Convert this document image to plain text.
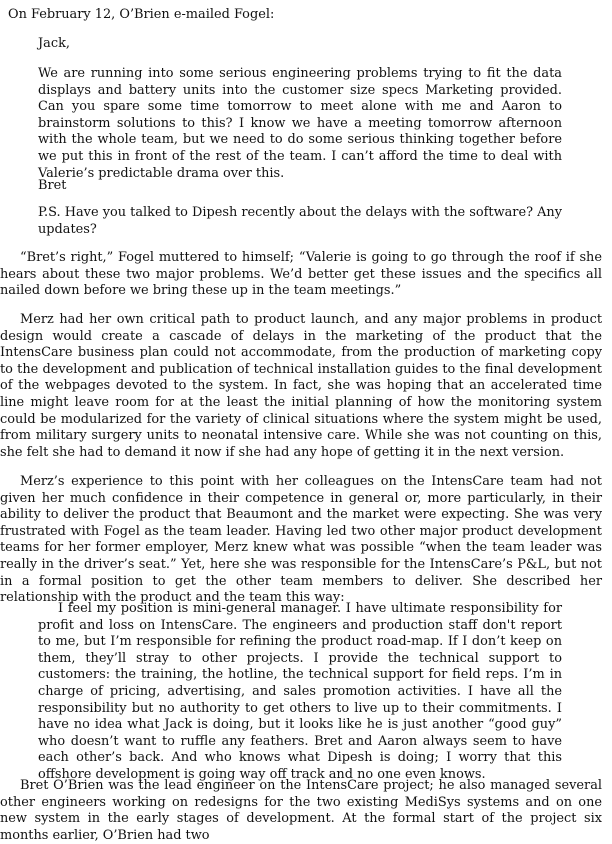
On February 12, O’Brien e-mailed Fogel:

Jack,

We are running into some serious engineering problems trying to fit the data displays and battery units into the customer size specs Marketing provided. Can you spare some time tomorrow to meet alone with me and Aaron to brainstorm solutions to this? I know we have a meeting tomorrow afternoon with the whole team, but we need to do some serious thinking together before we put this in front of the rest of the team. I can’t afford the time to deal with Valerie’s predictable drama over this.

Bret

P.S. Have you talked to Dipesh recently about the delays with the software? Any updates?

“Bret’s right,” Fogel muttered to himself; “Valerie is going to go through the roof if she hears about these two major problems. We’d better get these issues and the specifics all nailed down before we bring these up in the team meetings.”

Merz had her own critical path to product launch, and any major problems in product design would create a cascade of delays in the marketing of the product that the IntensCare business plan could not accommodate, from the production of marketing copy to the development and publication of technical installation guides to the final development of the webpages devoted to the system. In fact, she was hoping that an accelerated time line might leave room for at the least the initial planning of how the monitoring system could be modularized for the variety of clinical situations where the system might be used, from military surgery units to neonatal intensive care. While she was not counting on this, she felt she had to demand it now if she had any hope of getting it in the next version.

Merz’s experience to this point with her colleagues on the IntensCare team had not given her much confidence in their competence in general or, more particularly, in their ability to deliver the product that Beaumont and the market were expecting. She was very frustrated with Fogel as the team leader. Having led two other major product development teams for her former employer, Merz knew what was possible “when the team leader was really in the driver’s seat.” Yet, here she was responsible for the IntensCare’s P&L, but not in a formal position to get the other team members to deliver. She described her relationship with the product and the team this way:

I feel my position is mini-general manager. I have ultimate responsibility for profit and loss on IntensCare. The engineers and production staff don't report to me, but I’m responsible for refining the product road-map. If I don’t keep on them, they’ll stray to other projects. I provide the technical support to customers: the training, the hotline, the technical support for field reps. I’m in charge of pricing, advertising, and sales promotion activities. I have all the responsibility but no authority to get others to live up to their commitments. I have no idea what Jack is doing, but it looks like he is just another “good guy” who doesn’t want to ruffle any feathers. Bret and Aaron always seem to have each other’s back. And who knows what Dipesh is doing; I worry that this offshore development is going way off track and no one even knows.

Bret O’Brien was the lead engineer on the IntensCare project; he also managed several other engineers working on redesigns for the two existing MediSys systems and on one new system in the early stages of development. At the formal start of the project six months earlier, O’Brien had two
